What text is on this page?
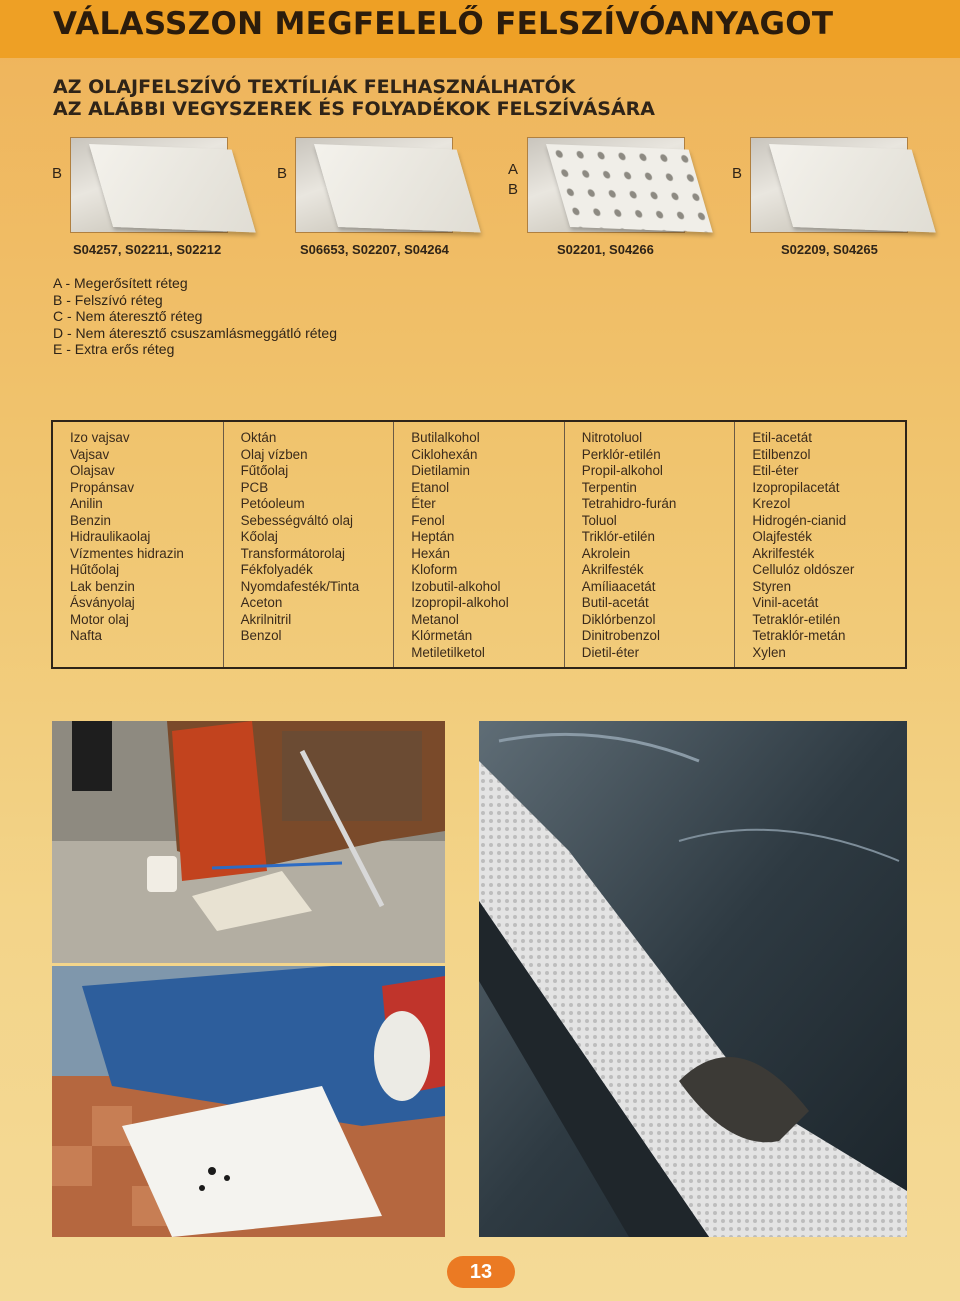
VÁLASSZON MEGFELELŐ FELSZÍVÓANYAGOT
AZ OLAJFELSZÍVÓ TEXTÍLIÁK FELHASZNÁLHATÓK
AZ ALÁBBI VEGYSZEREK ÉS FOLYADÉKOK FELSZÍVÁSÁRA
B
S04257, S02211, S02212
B
S06653, S02207, S04264
A
B
S02201, S04266
B
S02209, S04265
A - Megerősített réteg
B - Felszívó réteg
C - Nem áteresztő réteg
D - Nem áteresztő csuszamlásmeggátló réteg
E - Extra erős réteg
Izo vajsav
Vajsav
Olajsav
Propánsav
Anilin
Benzin
Hidraulikaolaj
Vízmentes hidrazin
Hűtőolaj
Lak benzin
Ásványolaj
Motor olaj
Nafta
Oktán
Olaj vízben
Fűtőolaj
PCB
Petóoleum
Sebességváltó olaj
Kőolaj
Transformátorolaj
Fékfolyadék
Nyomdafesték/Tinta
Aceton
Akrilnitril
Benzol
Butilalkohol
Ciklohexán
Dietilamin
Etanol
Éter
Fenol
Heptán
Hexán
Kloform
Izobutil-alkohol
Izopropil-alkohol
Metanol
Klórmetán
Metiletilketol
Nitrotoluol
Perklór-etilén
Propil-alkohol
Terpentin
Tetrahidro-furán
Toluol
Triklór-etilén
Akrolein
Akrilfesték
Amíliaacetát
Butil-acetát
Diklórbenzol
Dinitrobenzol
Dietil-éter
Etil-acetát
Etilbenzol
Etil-éter
Izopropilacetát
Krezol
Hidrogén-cianid
Olajfesték
Akrilfesték
Cellulóz oldószer
Styren
Vinil-acetát
Tetraklór-etilén
Tetraklór-metán
Xylen
13
